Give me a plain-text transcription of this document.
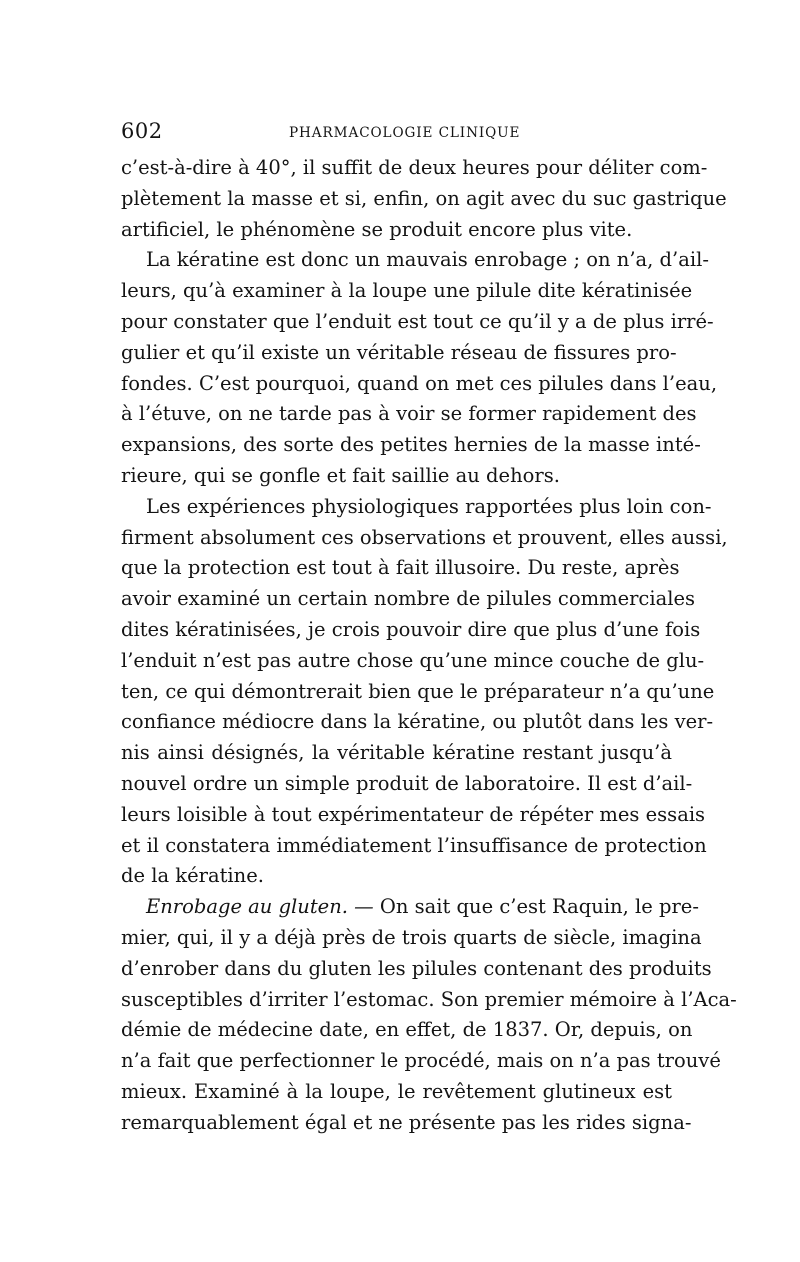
602	PHARMACOLOGIE CLINIQUE
c’est-à-dire à 40°, il suffit de deux heures pour déliter com-
plètement la masse et si, enfin, on agit avec du suc gastrique
artificiel, le phénomène se produit encore plus vite.
La kératine est donc un mauvais enrobage ; on n’a, d’ail-
leurs, qu’à examiner à la loupe une pilule dite kératinisée
pour constater que l’enduit est tout ce qu’il y a de plus irré-
gulier et qu’il existe un véritable réseau de fissures pro-
fondes. C’est pourquoi, quand on met ces pilules dans l’eau,
à l’étuve, on ne tarde pas à voir se former rapidement des
expansions, des sorte des petites hernies de la masse inté-
rieure, qui se gonfle et fait saillie au dehors.
Les expériences physiologiques rapportées plus loin con-
firment absolument ces observations et prouvent, elles aussi,
que la protection est tout à fait illusoire. Du reste, après
avoir examiné un certain nombre de pilules commerciales
dites kératinisées, je crois pouvoir dire que plus d’une fois
l’enduit n’est pas autre chose qu’une mince couche de glu-
ten, ce qui démontrerait bien que le préparateur n’a qu’une
confiance médiocre dans la kératine, ou plutôt dans les ver-
nis ainsi désignés, la véritable kératine restant jusqu’à
nouvel ordre un simple produit de laboratoire. Il est d’ail-
leurs loisible à tout expérimentateur de répéter mes essais
et il constatera immédiatement l’insuffisance de protection
de la kératine.
Enrobage au gluten. — On sait que c’est Raquin, le pre-
mier, qui, il y a déjà près de trois quarts de siècle, imagina
d’enrober dans du gluten les pilules contenant des produits
susceptibles d’irriter l’estomac. Son premier mémoire à l’Aca-
démie de médecine date, en effet, de 1837. Or, depuis, on
n’a fait que perfectionner le procédé, mais on n’a pas trouvé
mieux. Examiné à la loupe, le revêtement glutineux est
remarquablement égal et ne présente pas les rides signa-
